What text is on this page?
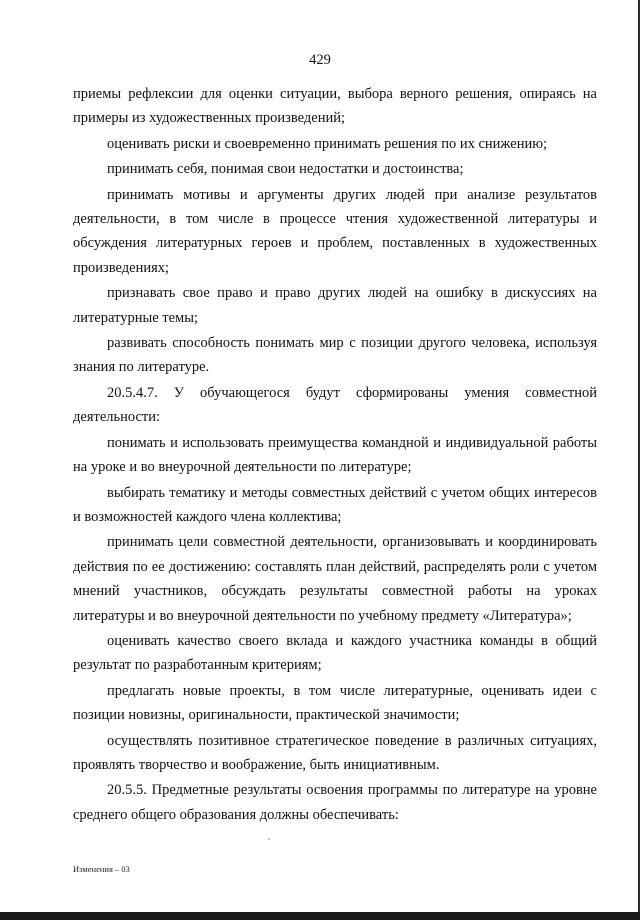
429

приемы рефлексии для оценки ситуации, выбора верного решения, опираясь на примеры из художественных произведений;

оценивать риски и своевременно принимать решения по их снижению;

принимать себя, понимая свои недостатки и достоинства;

принимать мотивы и аргументы других людей при анализе результатов деятельности, в том числе в процессе чтения художественной литературы и обсуждения литературных героев и проблем, поставленных в художественных произведениях;

признавать свое право и право других людей на ошибку в дискуссиях на литературные темы;

развивать способность понимать мир с позиции другого человека, используя знания по литературе.

20.5.4.7. У обучающегося будут сформированы умения совместной деятельности:

понимать и использовать преимущества командной и индивидуальной работы на уроке и во внеурочной деятельности по литературе;

выбирать тематику и методы совместных действий с учетом общих интересов и возможностей каждого члена коллектива;

принимать цели совместной деятельности, организовывать и координировать действия по ее достижению: составлять план действий, распределять роли с учетом мнений участников, обсуждать результаты совместной работы на уроках литературы и во внеурочной деятельности по учебному предмету «Литература»;

оценивать качество своего вклада и каждого участника команды в общий результат по разработанным критериям;

предлагать новые проекты, в том числе литературные, оценивать идеи с позиции новизны, оригинальности, практической значимости;

осуществлять позитивное стратегическое поведение в различных ситуациях, проявлять творчество и воображение, быть инициативным.

20.5.5. Предметные результаты освоения программы по литературе на уровне среднего общего образования должны обеспечивать:

Изменения – 03
